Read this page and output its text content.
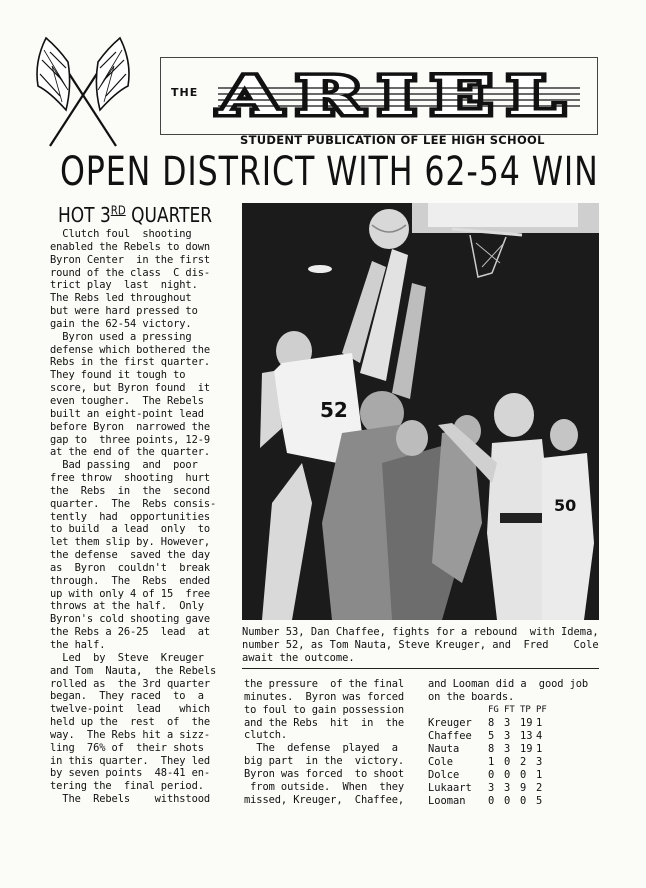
THE ARIEL
STUDENT PUBLICATION OF LEE HIGH SCHOOL
OPEN DISTRICT WITH 62-54 WIN
HOT 3RD QUARTER
Clutch foul  shooting
enabled the Rebels to down
Byron Center  in the first
round of the class  C dis-
trict play  last  night.
The Rebs led throughout
but were hard pressed to
gain the 62-54 victory.
Byron used a pressing
defense which bothered the
Rebs in the first quarter.
They found it tough to
score, but Byron found  it
even tougher.  The Rebels
built an eight-point lead
before Byron  narrowed the
gap to  three points, 12-9
at the end of the quarter.
Bad passing  and  poor
free throw  shooting  hurt
the  Rebs  in  the  second
quarter.  The  Rebs consis-
tently  had  opportunities
to build  a lead  only  to
let them slip by. However,
the defense  saved the day
as  Byron  couldn't  break
through.  The  Rebs  ended
up with only 4 of 15  free
throws at the half.  Only
Byron's cold shooting gave
the Rebs a 26-25  lead  at
the half.
Led  by  Steve  Kreuger
and Tom  Nauta,  the Rebels
rolled as  the 3rd quarter
began.  They raced  to  a
twelve-point  lead   which
held up the  rest  of  the
way.  The Rebs hit a sizz-
ling  76% of  their shots
in this quarter.  They led
by seven points  48-41 en-
tering the  final period.
The  Rebels    withstood
52
50
Number 53, Dan Chaffee, fights for a rebound  with Idema,
number 52, as Tom Nauta, Steve Kreuger, and  Fred    Cole
await the outcome.
the pressure  of the final
minutes.  Byron was forced
to foul to gain possession
and the Rebs  hit  in  the
clutch.
The  defense  played  a
big part  in the  victory.
Byron was forced  to shoot
from outside.  When  they
missed, Kreuger,  Chaffee,
and Looman did a  good job
on the boards.
	FG	FT	TP	PF
Kreuger	8	3	19	1
Chaffee	5	3	13	4
Nauta	8	3	19	1
Cole	1	0	2	3
Dolce	0	0	0	1
Lukaart	3	3	9	2
Looman	0	0	0	5
